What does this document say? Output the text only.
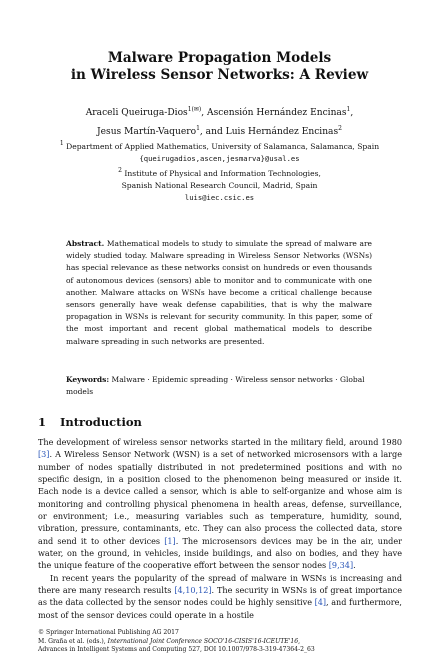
Malware Propagation Models
in Wireless Sensor Networks: A Review
Araceli Queiruga-Dios$^{1(✉)}$, Ascensión Hernández Encinas$^1$,
Jesus Martín-Vaquero$^1$, and Luis Hernández Encinas$^2$
$^1$ Department of Applied Mathematics, University of Salamanca, Salamanca, Spain
{queirugadios,ascen,jesmarva}@usal.es
$^2$ Institute of Physical and Information Technologies,
Spanish National Research Council, Madrid, Spain
luis@iec.csic.es
Abstract. Mathematical models to study to simulate the spread of malware are widely studied today. Malware spreading in Wireless Sensor Networks (WSNs) has special relevance as these networks consist on hundreds or even thousands of autonomous devices (sensors) able to monitor and to communicate with one another. Malware attacks on WSNs have become a critical challenge because sensors generally have weak defense capabilities, that is why the malware propagation in WSNs is relevant for security community. In this paper, some of the most important and recent global mathematical models to describe malware spreading in such networks are presented.
Keywords: Malware · Epidemic spreading · Wireless sensor networks · Global models
1 Introduction

The development of wireless sensor networks started in the military field, around 1980 [3]. A Wireless Sensor Network (WSN) is a set of networked microsensors with a large number of nodes spatially distributed in not predetermined positions and with no specific design, in a position closed to the phenomenon being measured or inside it. Each node is a device called a sensor, which is able to self-organize and whose aim is monitoring and controlling physical phenomena in health areas, defense, surveillance, or environment; i.e., measuring variables such as temperature, humidity, sound, vibration, pressure, contaminants, etc. They can also process the collected data, store and send it to other devices [1]. The microsensors devices may be in the air, under water, on the ground, in vehicles, inside buildings, and also on bodies, and they have the unique feature of the cooperative effort between the sensor nodes [9,34].

In recent years the popularity of the spread of malware in WSNs is increasing and there are many research results [4,10,12]. The security in WSNs is of great importance as the data collected by the sensor nodes could be highly sensitive [4], and furthermore, most of the sensor devices could operate in a hostile

© Springer International Publishing AG 2017
M. Graña et al. (eds.), International Joint Conference SOCO'16-CISIS'16-ICEUTE'16,
Advances in Intelligent Systems and Computing 527, DOI 10.1007/978-3-319-47364-2_63
